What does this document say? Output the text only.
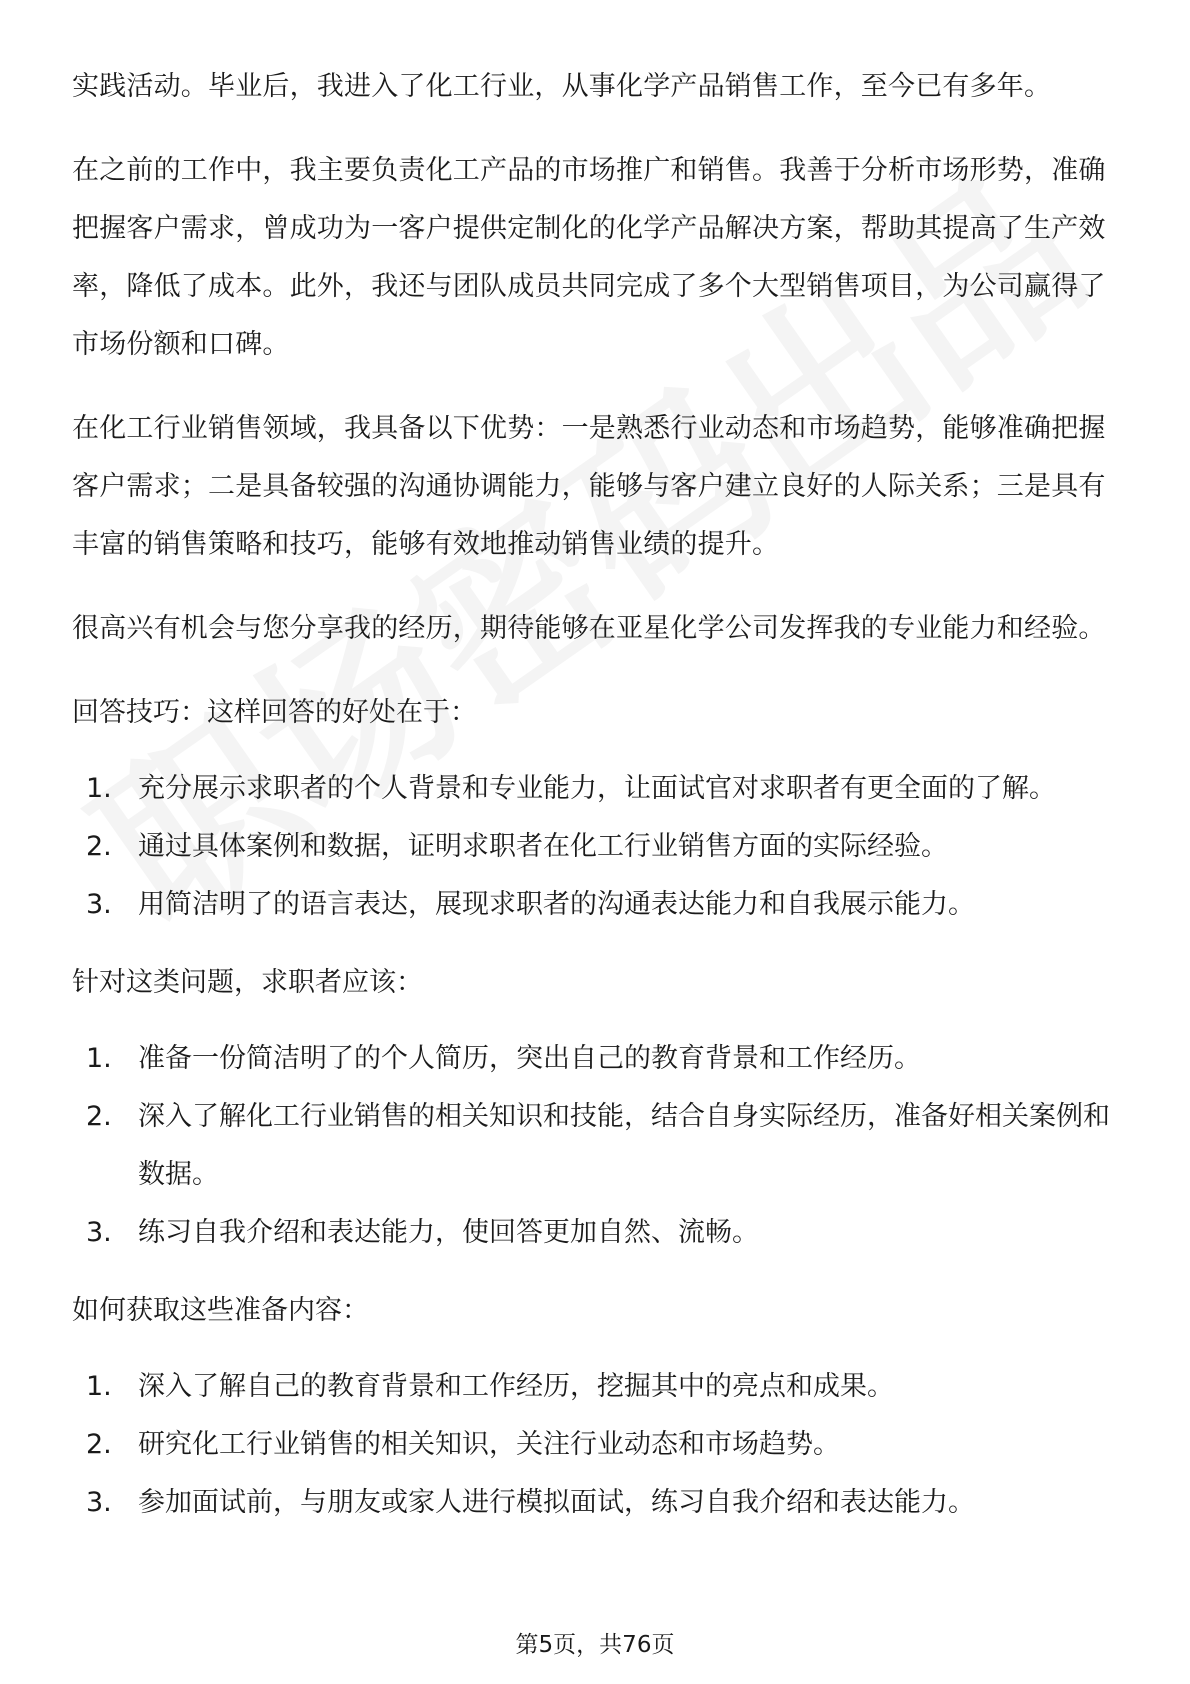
实践活动。毕业后，我进入了化工行业，从事化学产品销售工作，至今已有多年。

在之前的工作中，我主要负责化工产品的市场推广和销售。我善于分析市场形势，准确把握客户需求，曾成功为一客户提供定制化的化学产品解决方案，帮助其提高了生产效率，降低了成本。此外，我还与团队成员共同完成了多个大型销售项目，为公司赢得了市场份额和口碑。

在化工行业销售领域，我具备以下优势：一是熟悉行业动态和市场趋势，能够准确把握客户需求；二是具备较强的沟通协调能力，能够与客户建立良好的人际关系；三是具有丰富的销售策略和技巧，能够有效地推动销售业绩的提升。

很高兴有机会与您分享我的经历，期待能够在亚星化学公司发挥我的专业能力和经验。

回答技巧：这样回答的好处在于：
1. 充分展示求职者的个人背景和专业能力，让面试官对求职者有更全面的了解。
2. 通过具体案例和数据，证明求职者在化工行业销售方面的实际经验。
3. 用简洁明了的语言表达，展现求职者的沟通表达能力和自我展示能力。
针对这类问题，求职者应该：
1. 准备一份简洁明了的个人简历，突出自己的教育背景和工作经历。
2. 深入了解化工行业销售的相关知识和技能，结合自身实际经历，准备好相关案例和数据。
3. 练习自我介绍和表达能力，使回答更加自然、流畅。
如何获取这些准备内容：
1. 深入了解自己的教育背景和工作经历，挖掘其中的亮点和成果。
2. 研究化工行业销售的相关知识，关注行业动态和市场趋势。
3. 参加面试前，与朋友或家人进行模拟面试，练习自我介绍和表达能力。
第5页，共76页
